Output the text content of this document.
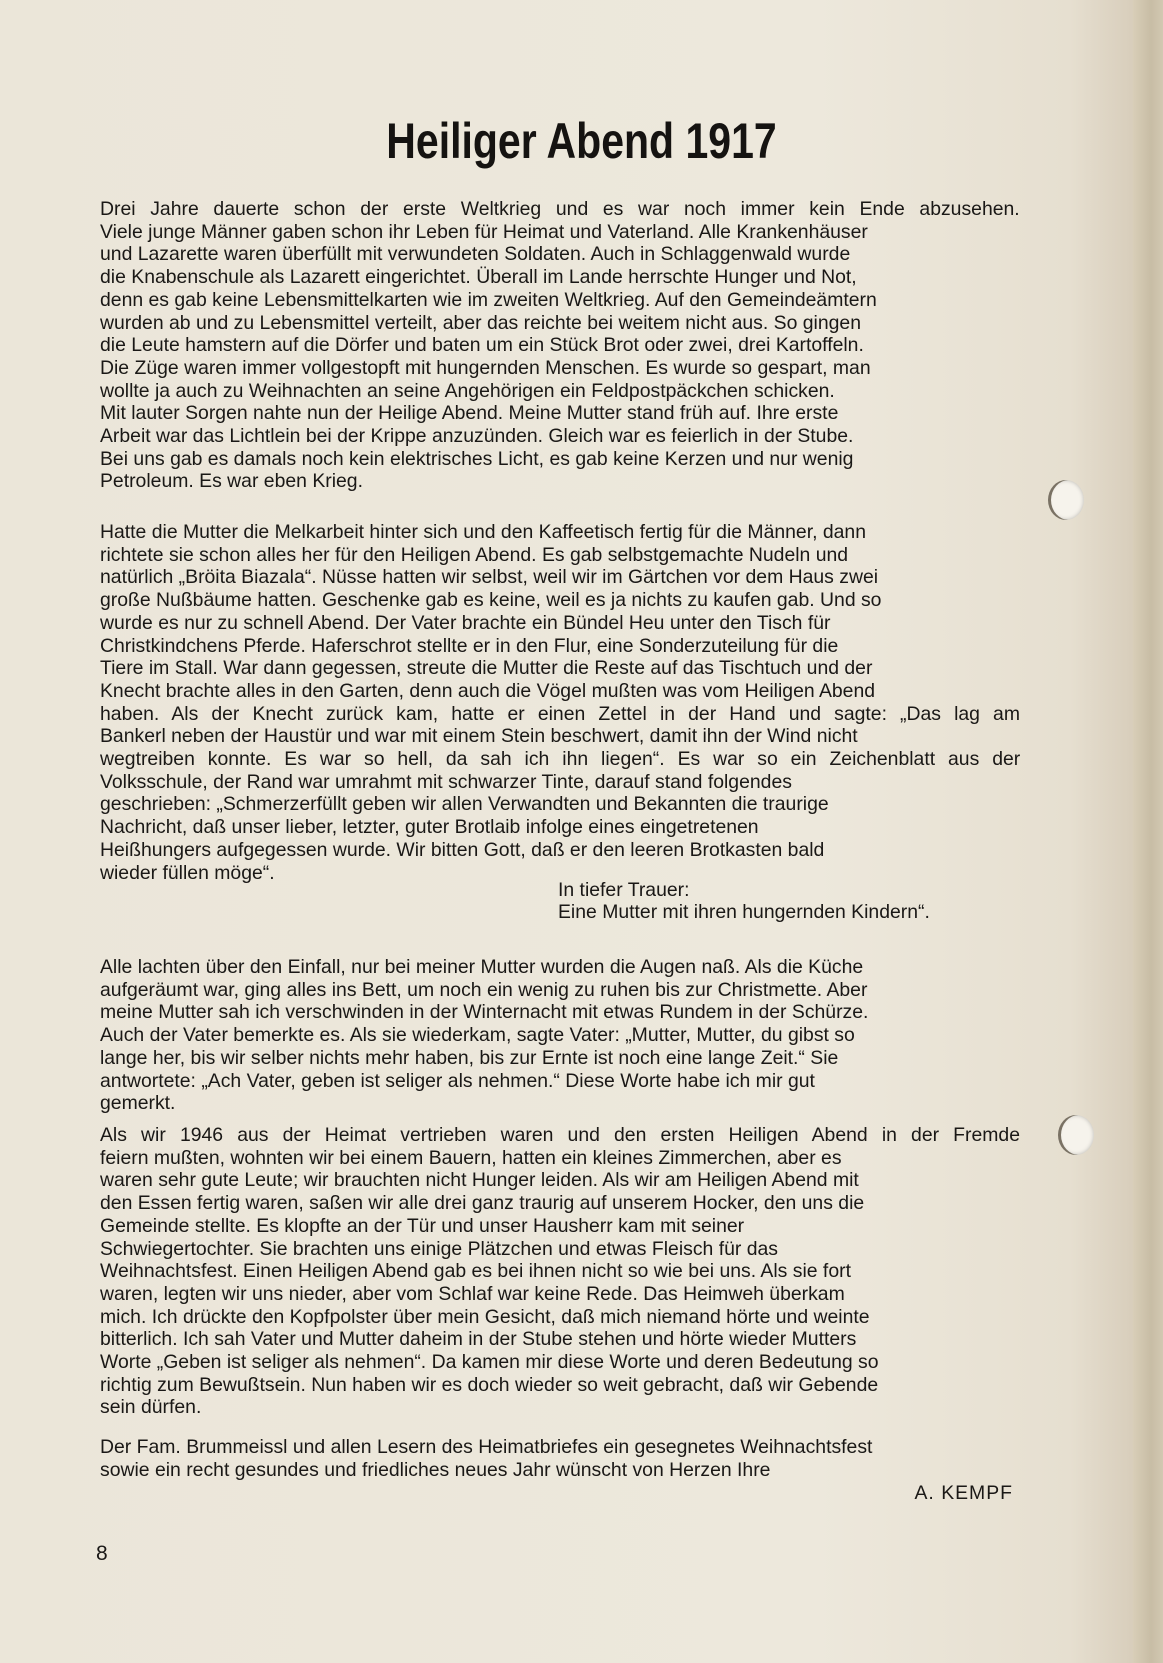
Heiliger Abend 1917
Drei Jahre dauerte schon der erste Weltkrieg und es war noch immer kein Ende abzusehen.
Viele junge Männer gaben schon ihr Leben für Heimat und Vaterland. Alle Krankenhäuser
und Lazarette waren überfüllt mit verwundeten Soldaten. Auch in Schlaggenwald wurde
die Knabenschule als Lazarett eingerichtet. Überall im Lande herrschte Hunger und Not,
denn es gab keine Lebensmittelkarten wie im zweiten Weltkrieg. Auf den Gemeindeämtern
wurden ab und zu Lebensmittel verteilt, aber das reichte bei weitem nicht aus. So gingen
die Leute hamstern auf die Dörfer und baten um ein Stück Brot oder zwei, drei Kartoffeln.
Die Züge waren immer vollgestopft mit hungernden Menschen. Es wurde so gespart, man
wollte ja auch zu Weihnachten an seine Angehörigen ein Feldpostpäckchen schicken.
Mit lauter Sorgen nahte nun der Heilige Abend. Meine Mutter stand früh auf. Ihre erste
Arbeit war das Lichtlein bei der Krippe anzuzünden. Gleich war es feierlich in der Stube.
Bei uns gab es damals noch kein elektrisches Licht, es gab keine Kerzen und nur wenig
Petroleum. Es war eben Krieg.
Hatte die Mutter die Melkarbeit hinter sich und den Kaffeetisch fertig für die Männer, dann
richtete sie schon alles her für den Heiligen Abend. Es gab selbstgemachte Nudeln und
natürlich „Bröita Biazala“. Nüsse hatten wir selbst, weil wir im Gärtchen vor dem Haus zwei
große Nußbäume hatten. Geschenke gab es keine, weil es ja nichts zu kaufen gab. Und so
wurde es nur zu schnell Abend. Der Vater brachte ein Bündel Heu unter den Tisch für
Christkindchens Pferde. Haferschrot stellte er in den Flur, eine Sonderzuteilung für die
Tiere im Stall. War dann gegessen, streute die Mutter die Reste auf das Tischtuch und der
Knecht brachte alles in den Garten, denn auch die Vögel mußten was vom Heiligen Abend
haben. Als der Knecht zurück kam, hatte er einen Zettel in der Hand und sagte: „Das lag am
Bankerl neben der Haustür und war mit einem Stein beschwert, damit ihn der Wind nicht
wegtreiben konnte. Es war so hell, da sah ich ihn liegen“. Es war so ein Zeichenblatt aus der
Volksschule, der Rand war umrahmt mit schwarzer Tinte, darauf stand folgendes
geschrieben: „Schmerzerfüllt geben wir allen Verwandten und Bekannten die traurige
Nachricht, daß unser lieber, letzter, guter Brotlaib infolge eines eingetretenen
Heißhungers aufgegessen wurde. Wir bitten Gott, daß er den leeren Brotkasten bald
wieder füllen möge“.
In tiefer Trauer:
Eine Mutter mit ihren hungernden Kindern“.
Alle lachten über den Einfall, nur bei meiner Mutter wurden die Augen naß. Als die Küche
aufgeräumt war, ging alles ins Bett, um noch ein wenig zu ruhen bis zur Christmette. Aber
meine Mutter sah ich verschwinden in der Winternacht mit etwas Rundem in der Schürze.
Auch der Vater bemerkte es. Als sie wiederkam, sagte Vater: „Mutter, Mutter, du gibst so
lange her, bis wir selber nichts mehr haben, bis zur Ernte ist noch eine lange Zeit.“ Sie
antwortete: „Ach Vater, geben ist seliger als nehmen.“ Diese Worte habe ich mir gut
gemerkt.
Als wir 1946 aus der Heimat vertrieben waren und den ersten Heiligen Abend in der Fremde
feiern mußten, wohnten wir bei einem Bauern, hatten ein kleines Zimmerchen, aber es
waren sehr gute Leute; wir brauchten nicht Hunger leiden. Als wir am Heiligen Abend mit
den Essen fertig waren, saßen wir alle drei ganz traurig auf unserem Hocker, den uns die
Gemeinde stellte. Es klopfte an der Tür und unser Hausherr kam mit seiner
Schwiegertochter. Sie brachten uns einige Plätzchen und etwas Fleisch für das
Weihnachtsfest. Einen Heiligen Abend gab es bei ihnen nicht so wie bei uns. Als sie fort
waren, legten wir uns nieder, aber vom Schlaf war keine Rede. Das Heimweh überkam
mich. Ich drückte den Kopfpolster über mein Gesicht, daß mich niemand hörte und weinte
bitterlich. Ich sah Vater und Mutter daheim in der Stube stehen und hörte wieder Mutters
Worte „Geben ist seliger als nehmen“. Da kamen mir diese Worte und deren Bedeutung so
richtig zum Bewußtsein. Nun haben wir es doch wieder so weit gebracht, daß wir Gebende
sein dürfen.
Der Fam. Brummeissl und allen Lesern des Heimatbriefes ein gesegnetes Weihnachtsfest
sowie ein recht gesundes und friedliches neues Jahr wünscht von Herzen Ihre
A. KEMPF
8
